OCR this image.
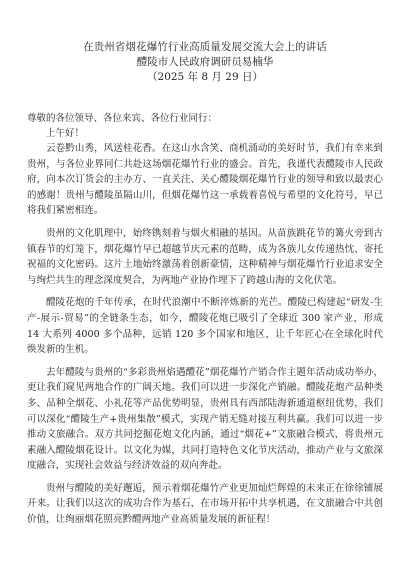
在贵州省烟花爆竹行业高质量发展交流大会上的讲话

醴陵市人民政府调研员易楠华

（2025 年 8 月 29 日）

尊敬的各位领导、各位来宾、各位行业同行：

上午好！

云卷黔山秀，风送桂花香。在这山水含笑、商机涌动的美好时节，我们有幸来到贵州，与各位业界同仁共赴这场烟花爆竹行业的盛会。首先，我谨代表醴陵市人民政府，向本次订货会的主办方、一直关注、关心醴陵烟花爆竹行业的领导和致以最衷心的感谢！贵州与醴陵虽隔山川，但烟花爆竹这一承载着喜悦与希望的文化符号，早已将我们紧密相连。

贵州的文化肌理中，始终镌刻着与烟火相融的基因。从苗族跳花节的篝火旁到古镇春节的灯笼下，烟花爆竹早已超越节庆元素的范畴，成为各族儿女传递热忱、寄托祝福的文化密码。这片土地始终激荡着创新豪情，这种精神与烟花爆竹行业追求安全与绚烂共生的理念深度契合，为两地产业协作埋下了跨越山海的文化伏笔。

醴陵花炮的千年传承，在时代浪潮中不断淬炼新的光芒。醴陵已构建起“研发-生产-展示-贸易”的全链条生态，如今，醴陵花炮已吸引了全球近 300 家产业，形成 14 大系列 4000 多个品种，远销 120 多个国家和地区，让千年匠心在全球化时代焕发新的生机。

去年醴陵与贵州的“多彩贵州焰遇醴花”烟花爆竹产销合作主题年活动成功举办，更让我们窥见两地合作的广阔天地。我们可以进一步深化产销融。醴陵花炮产品种类多、品种全烟花、小礼花等产品优势明显，贵州具有西部陆海新通道枢纽优势，我们可以深化“醴陵生产+贵州集散”模式，实现产销无缝对接互利共赢。我们可以进一步推动文旅融合。双方共同挖掘花炮文化内涵，通过“烟花+”文旅融合模式，将贵州元素融入醴陵烟花设计。以文化为媒，共同打造特色文化节庆活动，推动产业与文旅深度融合，实现社会效益与经济效益的双向奔赴。

贵州与醴陵的美好邂逅，预示着烟花爆竹产业更加灿烂辉煌的未来正在徐徐铺展开来。让我们以这次的成功合作为基石，在市场开拓中共享机遇，在文旅融合中共创价值，让绚丽烟花照亮黔醴两地产业高质量发展的新征程！
